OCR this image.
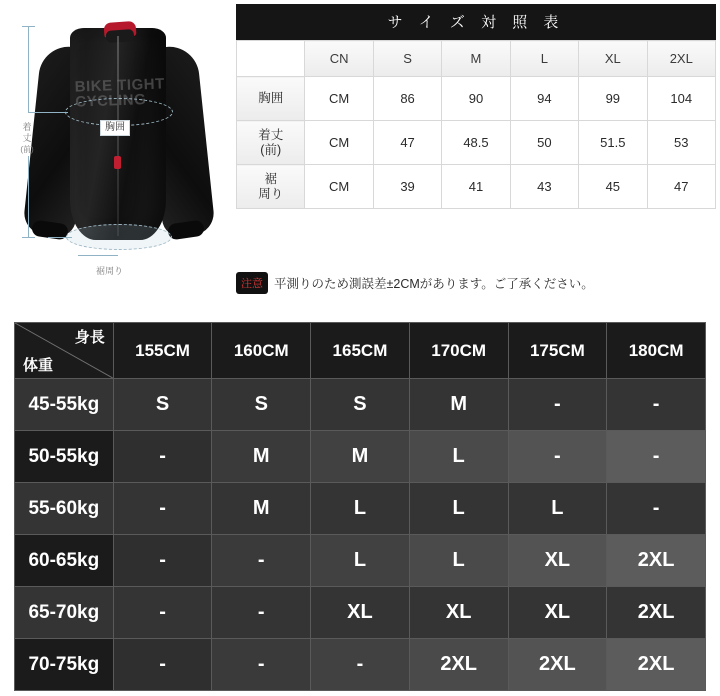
BIKE TIGHT
CYCLING
着
丈
(前)
胸囲
裾周り
サ イ ズ 対 照 表
	CN	S	M	L	XL	2XL
胸囲	CM	86	90	94	99	104

着丈
(前)	CM	47	48.5	50	51.5	53

裾
周り	CM	39	41	43	45	47
注意 平測りのため測誤差±2CMがあります。ご了承ください。
身長
体重	155CM	160CM	165CM	170CM	175CM	180CM
45-55kg	S	S	S	M	-	-
50-55kg	-	M	M	L	-	-
55-60kg	-	M	L	L	L	-
60-65kg	-	-	L	L	XL	2XL
65-70kg	-	-	XL	XL	XL	2XL
70-75kg	-	-	-	2XL	2XL	2XL
